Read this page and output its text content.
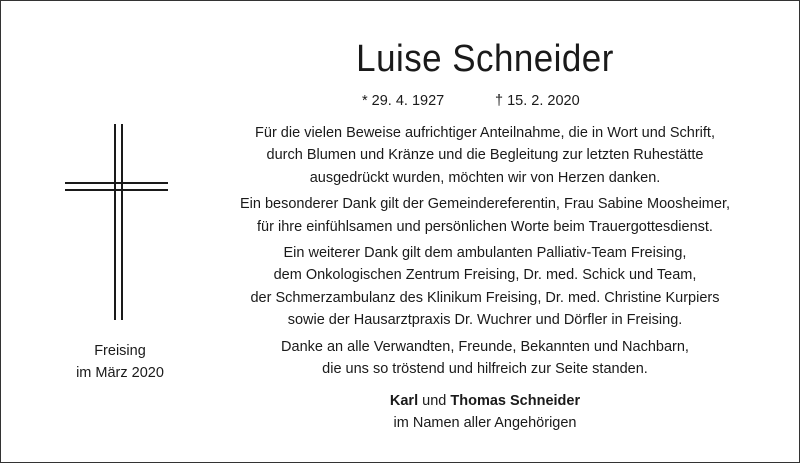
Luise Schneider
* 29. 4. 1927	† 15. 2. 2020
Freising
im März 2020
Für die vielen Beweise aufrichtiger Anteilnahme, die in Wort und Schrift,
durch Blumen und Kränze und die Begleitung zur letzten Ruhestätte
ausgedrückt wurden, möchten wir von Herzen danken.
Ein besonderer Dank gilt der Gemeindereferentin, Frau Sabine Moosheimer,
für ihre einfühlsamen und persönlichen Worte beim Trauergottesdienst.
Ein weiterer Dank gilt dem ambulanten Palliativ-Team Freising,
dem Onkologischen Zentrum Freising, Dr. med. Schick und Team,
der Schmerzambulanz des Klinikum Freising, Dr. med. Christine Kurpiers
sowie der Hausarztpraxis Dr. Wuchrer und Dörfler in Freising.
Danke an alle Verwandten, Freunde, Bekannten und Nachbarn,
die uns so tröstend und hilfreich zur Seite standen.
Karl und Thomas Schneider
im Namen aller Angehörigen
